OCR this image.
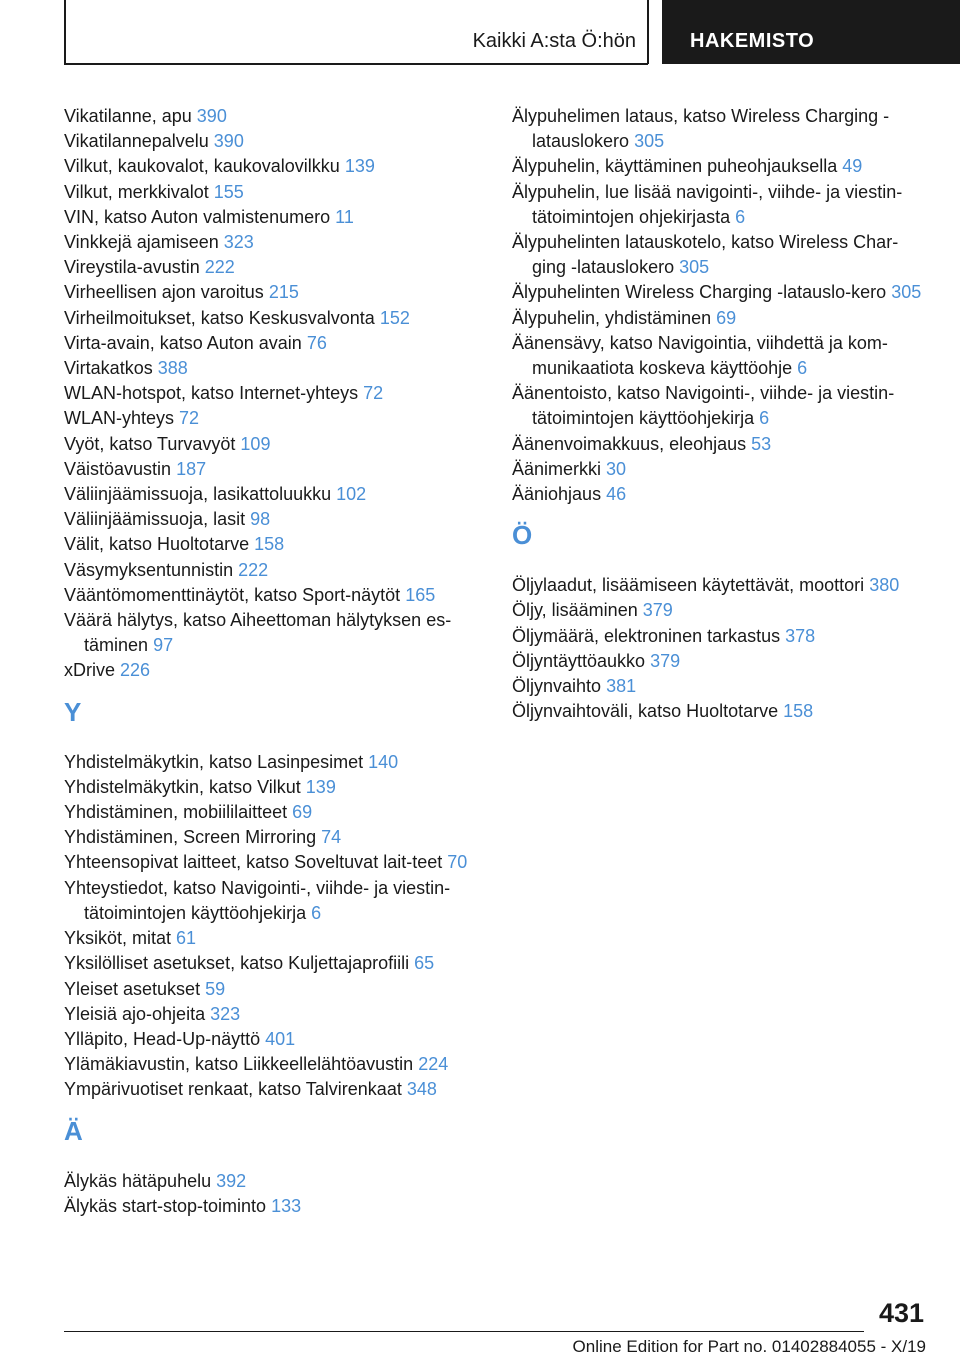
Kaikki A:sta Ö:hön	HAKEMISTO
Vikatilanne, apu 390
Vikatilannepalvelu 390
Vilkut, kaukovalot, kaukovalovilkku 139
Vilkut, merkkivalot 155
VIN, katso Auton valmistenumero 11
Vinkkejä ajamiseen 323
Vireystila-avustin 222
Virheellisen ajon varoitus 215
Virheilmoitukset, katso Keskusvalvonta 152
Virta-avain, katso Auton avain 76
Virtakatkos 388
WLAN-hotspot, katso Internet-yhteys 72
WLAN-yhteys 72
Vyöt, katso Turvavyöt 109
Väistöavustin 187
Väliinjäämissuoja, lasikattoluukku 102
Väliinjäämissuoja, lasit 98
Välit, katso Huoltotarve 158
Väsymyksentunnistin 222
Vääntömomenttinäytöt, katso Sport-näytöt 165
Väärä hälytys, katso Aiheettoman hälytyksen es-täminen 97
xDrive 226
Y
Yhdistelmäkytkin, katso Lasinpesimet 140
Yhdistelmäkytkin, katso Vilkut 139
Yhdistäminen, mobiililaitteet 69
Yhdistäminen, Screen Mirroring 74
Yhteensopivat laitteet, katso Soveltuvat lait-teet 70
Yhteystiedot, katso Navigointi-, viihde- ja viestin-tätoimintojen käyttöohjekirja 6
Yksiköt, mitat 61
Yksilölliset asetukset, katso Kuljettajaprofiili 65
Yleiset asetukset 59
Yleisiä ajo-ohjeita 323
Ylläpito, Head-Up-näyttö 401
Ylämäkiavustin, katso Liikkeellelähtöavustin 224
Ympärivuotiset renkaat, katso Talvirenkaat 348
Ä
Älykäs hätäpuhelu 392
Älykäs start-stop-toiminto 133
Älypuhelimen lataus, katso Wireless Charging -latauslokero 305
Älypuhelin, käyttäminen puheohjauksella 49
Älypuhelin, lue lisää navigointi-, viihde- ja viestin-tätoimintojen ohjekirjasta 6
Älypuhelinten latauskotelo, katso Wireless Char-ging -latauslokero 305
Älypuhelinten Wireless Charging -latauslo-kero 305
Älypuhelin, yhdistäminen 69
Äänensävy, katso Navigointia, viihdettä ja kom-munikaatiota koskeva käyttöohje 6
Äänentoisto, katso Navigointi-, viihde- ja viestin-tätoimintojen käyttöohjekirja 6
Äänenvoimakkuus, eleohjaus 53
Äänimerkki 30
Ääniohjaus 46
Ö
Öljylaadut, lisäämiseen käytettävät, moottori 380
Öljy, lisääminen 379
Öljymäärä, elektroninen tarkastus 378
Öljyntäyttöaukko 379
Öljynvaihto 381
Öljynvaihtoväli, katso Huoltotarve 158
431
Online Edition for Part no. 01402884055 - X/19
